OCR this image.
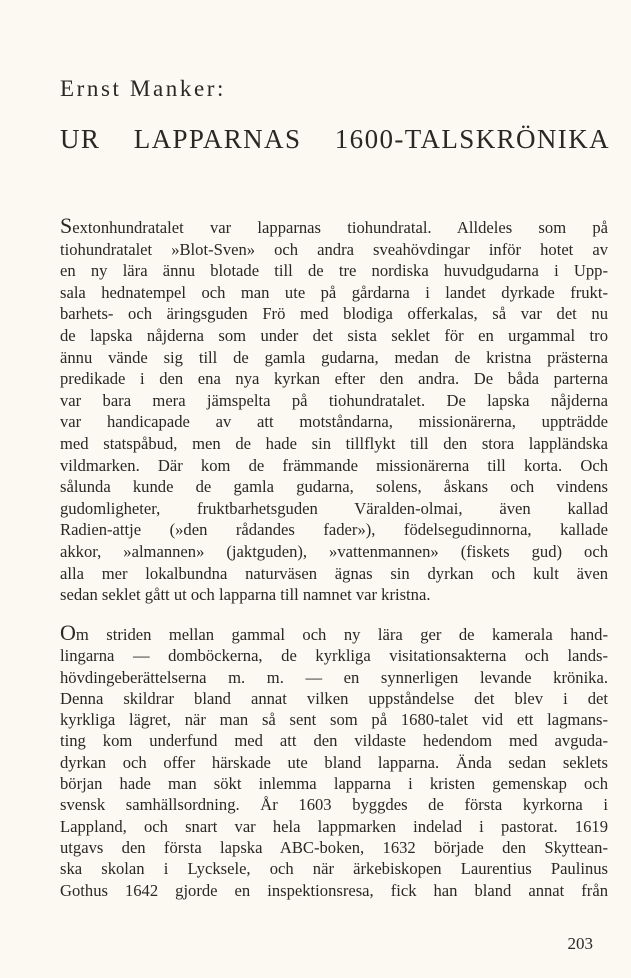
Ernst Manker:
UR LAPPARNAS 1600-TALSKRÖNIKA
Sextonhundratalet var lapparnas tiohundratal. Alldeles som på
tiohundratalet »Blot-Sven» och andra sveahövdingar inför hotet av
en ny lära ännu blotade till de tre nordiska huvudgudarna i Upp-
sala hednatempel och man ute på gårdarna i landet dyrkade frukt-
barhets- och äringsguden Frö med blodiga offerkalas, så var det nu
de lapska nåjderna som under det sista seklet för en urgammal tro
ännu vände sig till de gamla gudarna, medan de kristna prästerna
predikade i den ena nya kyrkan efter den andra. De båda parterna
var bara mera jämspelta på tiohundratalet. De lapska nåjderna
var handicapade av att motståndarna, missionärerna, uppträdde
med statspåbud, men de hade sin tillflykt till den stora lappländska
vildmarken. Där kom de främmande missionärerna till korta. Och
sålunda kunde de gamla gudarna, solens, åskans och vindens
gudomligheter, fruktbarhetsguden Väralden-olmai, även kallad
Radien-attje (»den rådandes fader»), födelsegudinnorna, kallade
akkor, »almannen» (jaktguden), »vattenmannen» (fiskets gud) och
alla mer lokalbundna naturväsen ägnas sin dyrkan och kult även
sedan seklet gått ut och lapparna till namnet var kristna.
Om striden mellan gammal och ny lära ger de kamerala hand-
lingarna — domböckerna, de kyrkliga visitationsakterna och lands-
hövdingeberättelserna m. m. — en synnerligen levande krönika.
Denna skildrar bland annat vilken uppståndelse det blev i det
kyrkliga lägret, när man så sent som på 1680-talet vid ett lagmans-
ting kom underfund med att den vildaste hedendom med avguda-
dyrkan och offer härskade ute bland lapparna. Ända sedan seklets
början hade man sökt inlemma lapparna i kristen gemenskap och
svensk samhällsordning. År 1603 byggdes de första kyrkorna i
Lappland, och snart var hela lappmarken indelad i pastorat. 1619
utgavs den första lapska ABC-boken, 1632 började den Skyttean-
ska skolan i Lycksele, och när ärkebiskopen Laurentius Paulinus
Gothus 1642 gjorde en inspektionsresa, fick han bland annat från
203
